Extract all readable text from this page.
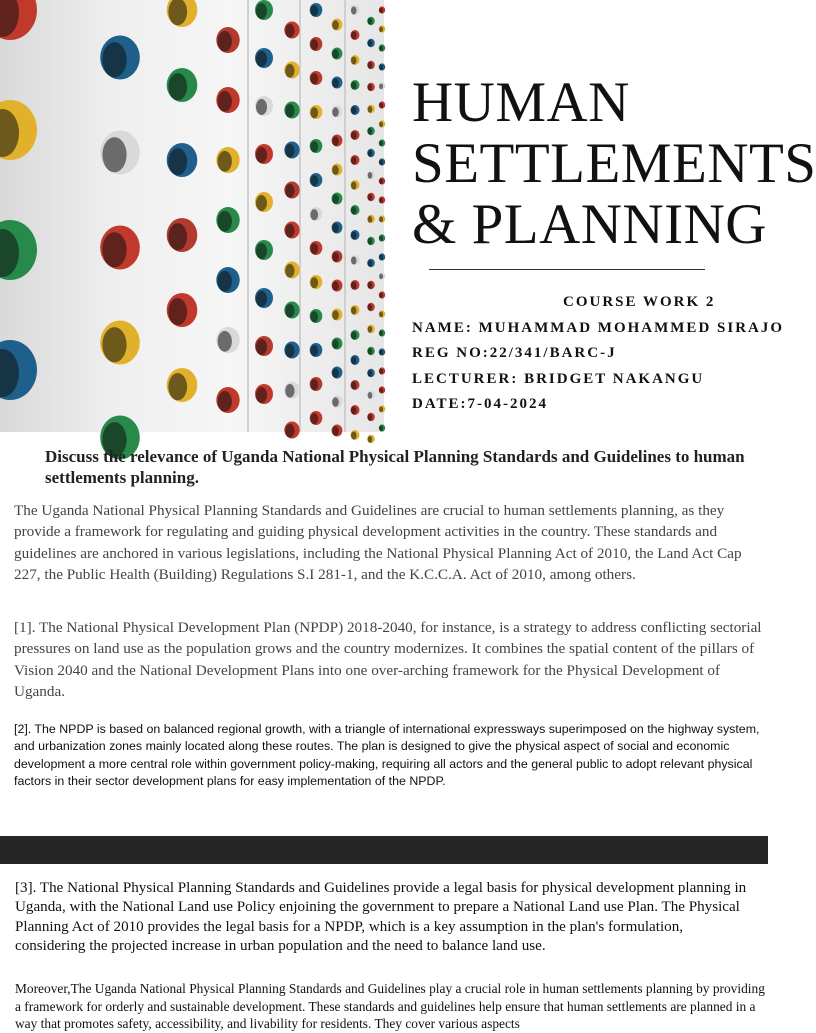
HUMAN
SETTLEMENTS
& PLANNING
COURSE WORK 2
NAME: MUHAMMAD MOHAMMED SIRAJO
REG NO:22/341/BARC-J
LECTURER: BRIDGET NAKANGU
DATE:7-04-2024

Discuss the relevance of Uganda National Physical Planning Standards and Guidelines to human settlements planning.

The Uganda National Physical Planning Standards and Guidelines are crucial to human settlements planning, as they provide a framework for regulating and guiding physical development activities in the country. These standards and guidelines are anchored in various legislations, including the National Physical Planning Act of 2010, the Land Act Cap 227, the Public Health (Building) Regulations S.I 281-1, and the K.C.C.A. Act of 2010, among others.

[1]. The National Physical Development Plan (NPDP) 2018-2040, for instance, is a strategy to address conflicting sectorial pressures on land use as the population grows and the country modernizes. It combines the spatial content of the pillars of Vision 2040 and the National Development Plans into one over-arching framework for the Physical Development of Uganda.

[2]. The NPDP is based on balanced regional growth, with a triangle of international expressways superimposed on the highway system, and urbanization zones mainly located along these routes. The plan is designed to give the physical aspect of social and economic development a more central role within government policy-making, requiring all actors and the general public to adopt relevant physical factors in their sector development plans for easy implementation of the NPDP.

[3]. The National Physical Planning Standards and Guidelines provide a legal basis for physical development planning in Uganda, with the National Land use Policy enjoining the government to prepare a National Land use Plan. The Physical Planning Act of 2010 provides the legal basis for a NPDP, which is a key assumption in the plan's formulation, considering the projected increase in urban population and the need to balance land use.

Moreover,The Uganda National Physical Planning Standards and Guidelines play a crucial role in human settlements planning by providing a framework for orderly and sustainable development. These standards and guidelines help ensure that human settlements are planned in a way that promotes safety, accessibility, and livability for residents. They cover various aspects
